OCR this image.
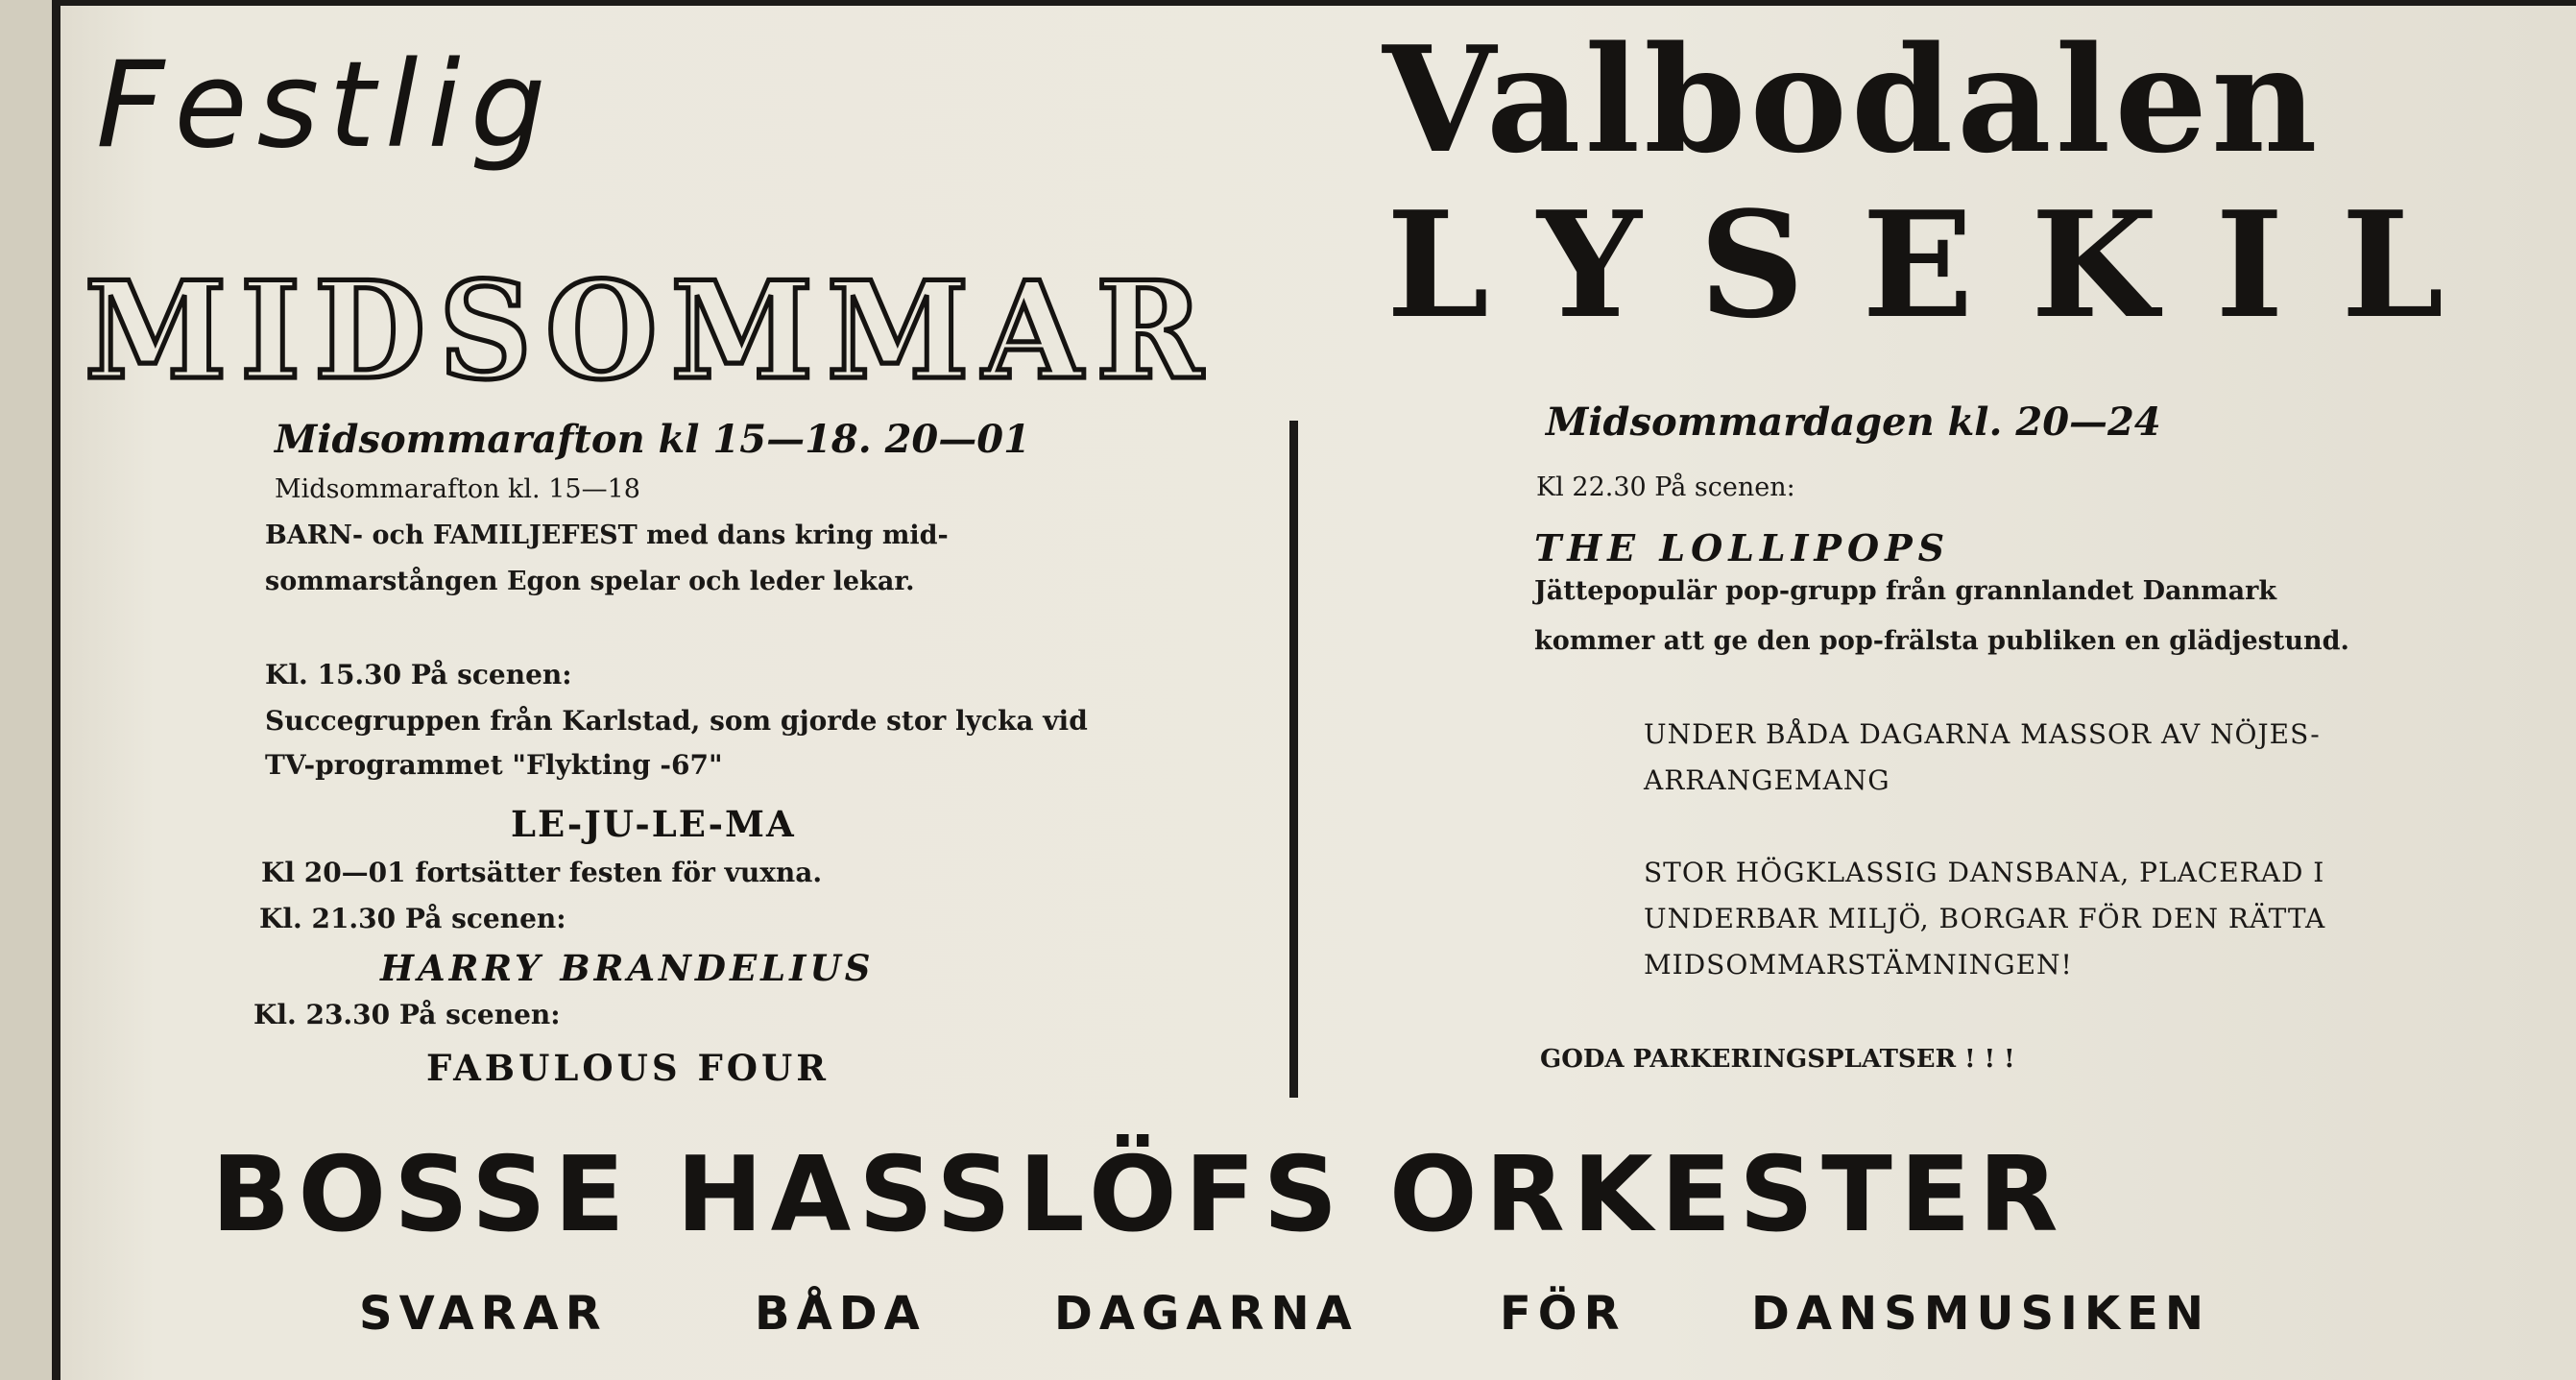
Festlig
MIDSOMMAR
Midsommarafton kl 15—18. 20—01
Midsommarafton kl. 15—18
BARN- och FAMILJEFEST med dans kring mid-
sommarstången Egon spelar och leder lekar.
Kl. 15.30 På scenen:
Succegruppen från Karlstad, som gjorde stor lycka vid
TV-programmet "Flykting -67"
LE-JU-LE-MA
Kl 20—01 fortsätter festen för vuxna.
Kl. 21.30 På scenen:
HARRY BRANDELIUS
Kl. 23.30 På scenen:
FABULOUS FOUR
Valbodalen
LYSEKIL
Midsommardagen kl. 20—24
Kl 22.30 På scenen:
THE LOLLIPOPS
Jättepopulär pop-grupp från grannlandet Danmark
kommer att ge den pop-frälsta publiken en glädjestund.
UNDER BÅDA DAGARNA MASSOR AV NÖJES-
ARRANGEMANG
STOR HÖGKLASSIG DANSBANA, PLACERAD I
UNDERBAR MILJÖ, BORGAR FÖR DEN RÄTTA
MIDSOMMARSTÄMNINGEN!
GODA PARKERINGSPLATSER ! ! !
BOSSE HASSLÖFS ORKESTER
SVARAR	BÅDA	DAGARNA	FÖR	DANSMUSIKEN
